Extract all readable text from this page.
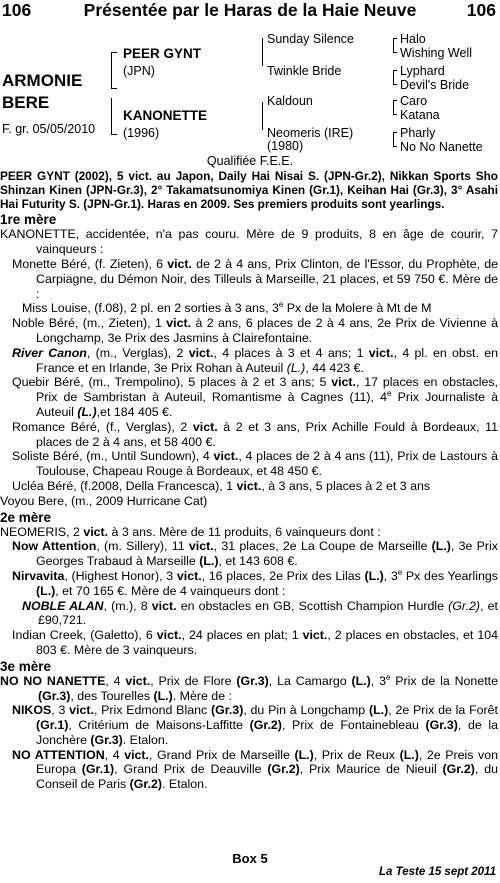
106	Présentée par le Haras de la Haie Neuve	106
ARMONIE
BERE
F. gr. 05/05/2010
PEER GYNT
(JPN)
KANONETTE
(1996)
Sunday Silence
Twinkle Bride
Kaldoun
Neomeris (IRE)
(1980)
Halo
Wishing Well
Lyphard
Devil's Bride
Caro
Katana
Pharly
No No Nanette
Qualifiée F.E.E.

PEER GYNT (2002), 5 vict. au Japon, Daily Hai Nisai S. (JPN-Gr.2), Nikkan Sports Sho Shinzan Kinen (JPN-Gr.3), 2° Takamatsunomiya Kinen (Gr.1), Keihan Hai (Gr.3), 3° Asahi Hai Futurity S. (JPN-Gr.1). Haras en 2009. Ses premiers produits sont yearlings.

1re mère

KANONETTE, accidentée, n'a pas couru. Mère de 9 produits, 8 en âge de courir, 7 vainqueurs :

Monette Béré, (f. Zieten), 6 vict. de 2 à 4 ans, Prix Clinton, de l'Essor, du Prophète, de Carpiagne, du Démon Noir, des Tilleuls à Marseille, 21 places, et 59 750 €. Mère de :

Miss Louise, (f.08), 2 pl. en 2 sorties à 3 ans, 3e Px de la Molere à Mt de M

Noble Béré, (m., Zieten), 1 vict. à 2 ans, 6 places de 2 à 4 ans, 2e Prix de Vivienne à Longchamp, 3e Prix des Jasmins à Clairefontaine.

River Canon, (m., Verglas), 2 vict., 4 places à 3 et 4 ans; 1 vict., 4 pl. en obst. en France et en Irlande, 3e Prix Rohan à Auteuil (L.), 44 423 €.

Quebir Béré, (m., Trempolino), 5 places à 2 et 3 ans; 5 vict., 17 places en obstacles, Prix de Sambristan à Auteuil, Romantisme à Cagnes (11), 4e Prix Journaliste à Auteuil (L.),et 184 405 €.

Romance Béré, (f., Verglas), 2 vict. à 2 et 3 ans, Prix Achille Fould à Bordeaux, 11 places de 2 à 4 ans, et 58 400 €.

Soliste Béré, (m., Until Sundown), 4 vict., 4 places de 2 à 4 ans (11), Prix de Lastours à Toulouse, Chapeau Rouge à Bordeaux, et 48 450 €.

Ucléa Béré, (f.2008, Della Francesca), 1 vict., à 3 ans, 5 places à 2 et 3 ans

Voyou Bere, (m., 2009 Hurricane Cat)

2e mère

NEOMERIS, 2 vict. à 3 ans. Mère de 11 produits, 6 vainqueurs dont :

Now Attention, (m. Sillery), 11 vict., 31 places, 2e La Coupe de Marseille (L.), 3e Prix Georges Trabaud à Marseille (L.), et 143 608 €.

Nirvavita, (Highest Honor), 3 vict., 16 places, 2e Prix des Lilas (L.), 3e Px des Yearlings (L.), et 70 165 €. Mère de 4 vainqueurs dont :

NOBLE ALAN, (m.), 8 vict. en obstacles en GB, Scottish Champion Hurdle (Gr.2), et £90,721.

Indian Creek, (Galetto), 6 vict., 24 places en plat; 1 vict., 2 places en obstacles, et 104 803 €. Mère de 3 vainqueurs.

3e mère

NO NO NANETTE, 4 vict., Prix de Flore (Gr.3), La Camargo (L.), 3e Prix de la Nonette (Gr.3), des Tourelles (L.). Mère de :

NIKOS, 3 vict., Prix Edmond Blanc (Gr.3), du Pin à Longchamp (L.), 2e Prix de la Forêt (Gr.1), Critérium de Maisons-Laffitte (Gr.2), Prix de Fontainebleau (Gr.3), de la Jonchère (Gr.3). Etalon.

NO ATTENTION, 4 vict., Grand Prix de Marseille (L.), Prix de Reux (L.), 2e Preis von Europa (Gr.1), Grand Prix de Deauville (Gr.2), Prix Maurice de Nieuil (Gr.2), du Conseil de Paris (Gr.2). Etalon.

Box 5
La Teste 15 sept 2011
